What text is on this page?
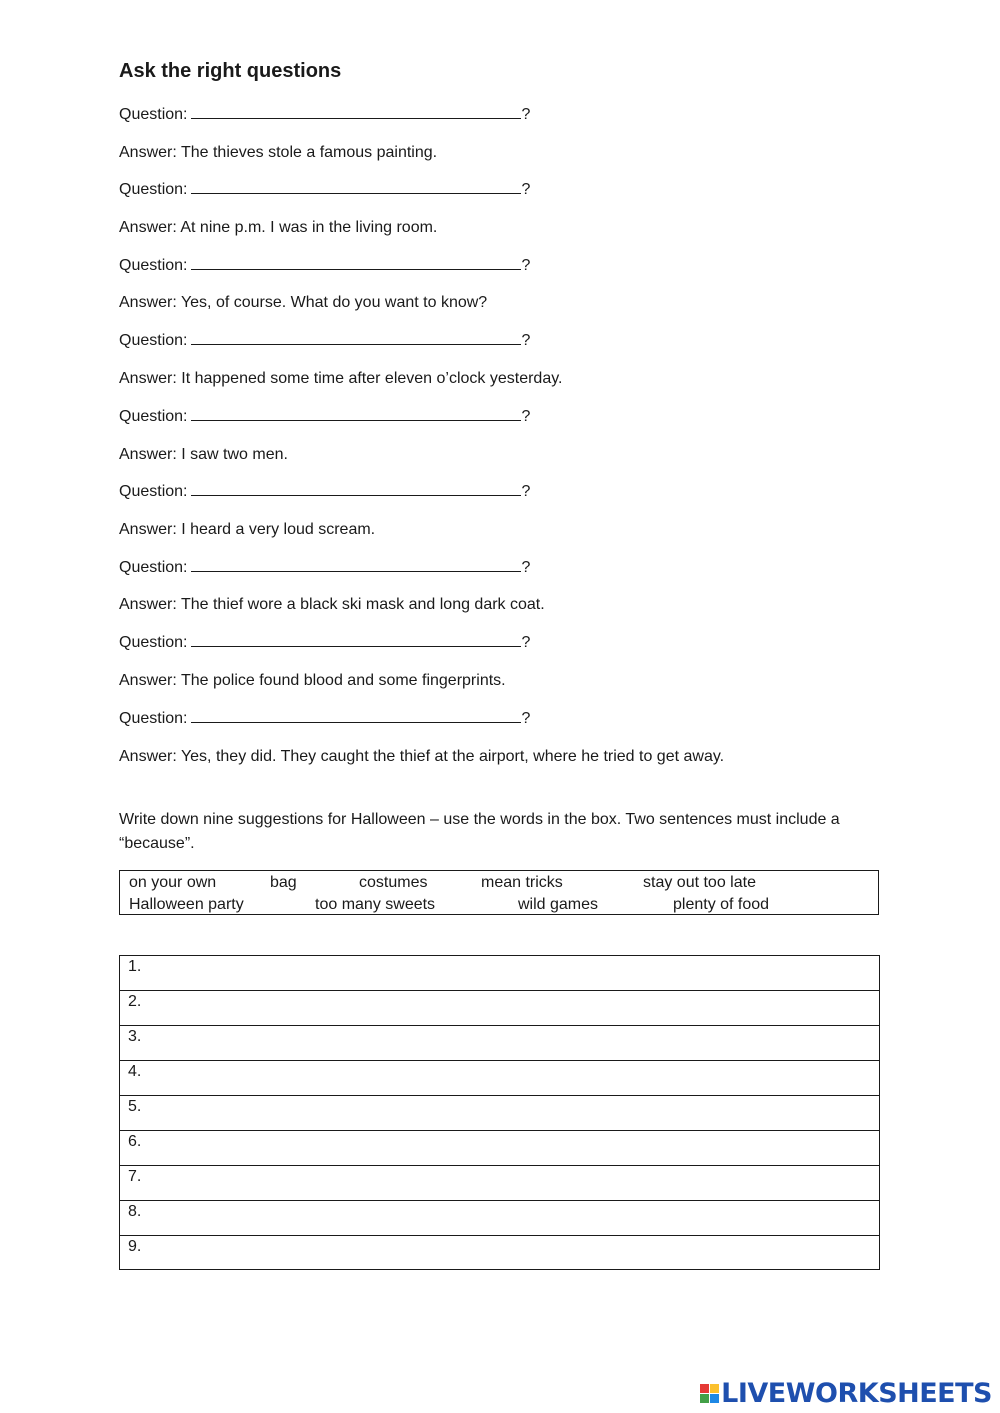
Ask the right questions
Question:	?
Answer: The thieves stole a famous painting.
Question:	?
Answer: At nine p.m. I was in the living room.
Question:	?
Answer: Yes, of course. What do you want to know?
Question:	?
Answer: It happened some time after eleven o’clock yesterday.
Question:	?
Answer: I saw two men.
Question:	?
Answer: I heard a very loud scream.
Question:	?
Answer: The thief wore a black ski mask and long dark coat.
Question:	?
Answer: The police found blood and some fingerprints.
Question:	?
Answer: Yes, they did. They caught the thief at the airport, where he tried to get away.
Write down nine suggestions for Halloween – use the words in the box. Two sentences must include a “because”.
on your own	bag	costumes	mean tricks	stay out too late
Halloween party	too many sweets	wild games	plenty of food
1.
2.
3.
4.
5.
6.
7.
8.
9.
LIVEWORKSHEETS
